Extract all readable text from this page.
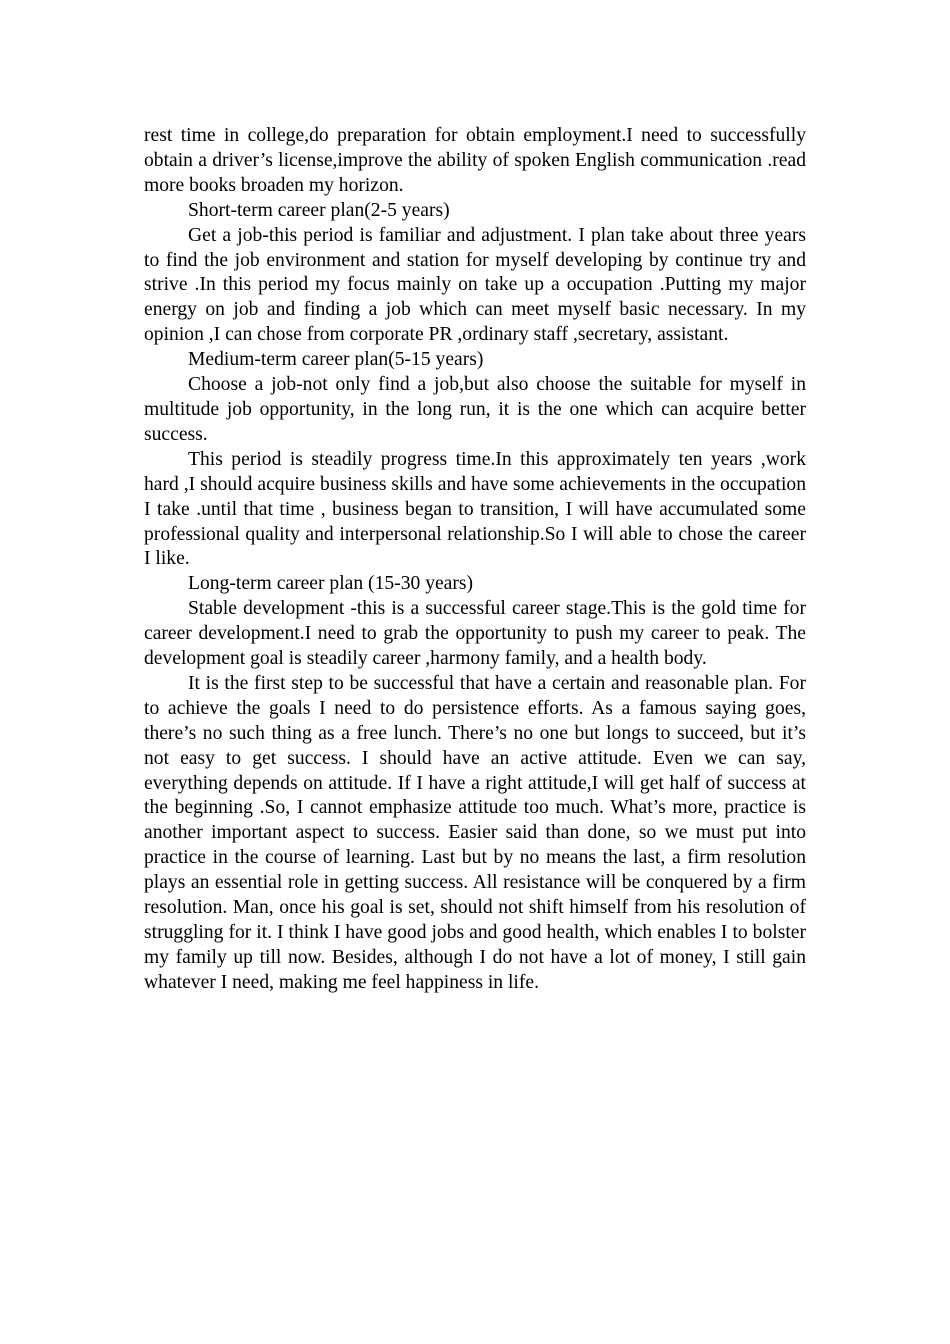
rest time in college,do preparation for obtain employment.I need to successfully obtain a driver’s license,improve the ability of spoken English communication .read more books broaden my horizon.

Short-term career plan(2-5 years)

Get a job-this period is familiar and adjustment. I plan take about three years to find the job environment and station for myself developing by continue try and strive .In this period my focus mainly on take up a occupation .Putting my major energy on job and finding a job which can meet myself basic necessary. In my opinion ,I can chose from corporate PR ,ordinary staff ,secretary, assistant.

Medium-term career plan(5-15 years)

Choose a job-not only find a job,but also choose the suitable for myself in multitude job opportunity, in the long run, it is the one which can acquire better success.

This period is steadily progress time.In this approximately ten years ,work hard ,I should acquire business skills and have some achievements in the occupation I take .until that time , business began to transition, I will have accumulated some professional quality and interpersonal relationship.So I will able to chose the career I like.

Long-term career plan (15-30 years)

Stable development -this is a successful career stage.This is the gold time for career development.I need to grab the opportunity to push my career to peak. The development goal is steadily career ,harmony family, and a health body.

It is the first step to be successful that have a certain and reasonable plan. For to achieve the goals I need to do persistence efforts. As a famous saying goes, there’s no such thing as a free lunch. There’s no one but longs to succeed, but it’s not easy to get success. I should have an active attitude. Even we can say, everything depends on attitude. If I have a right attitude,I will get half of success at the beginning .So, I cannot emphasize attitude too much. What’s more, practice is another important aspect to success. Easier said than done, so we must put into practice in the course of learning. Last but by no means the last, a firm resolution plays an essential role in getting success. All resistance will be conquered by a firm resolution. Man, once his goal is set, should not shift himself from his resolution of struggling for it. I think I have good jobs and good health, which enables I to bolster my family up till now. Besides, although I do not have a lot of money, I still gain whatever I need, making me feel happiness in life.
